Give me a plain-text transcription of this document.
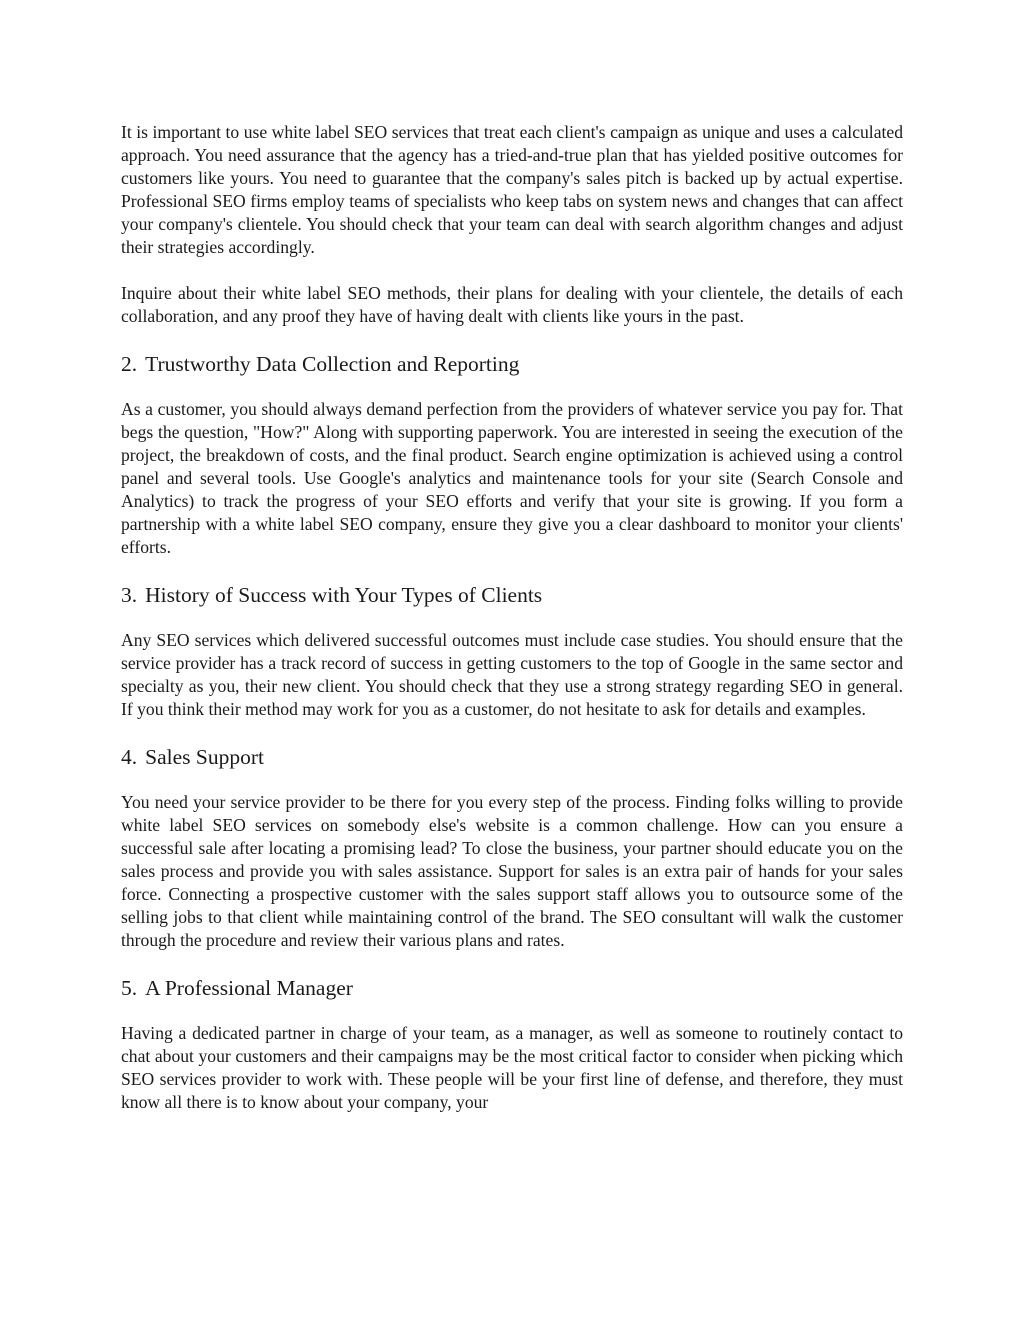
It is important to use white label SEO services that treat each client's campaign as unique and uses a calculated approach. You need assurance that the agency has a tried-and-true plan that has yielded positive outcomes for customers like yours. You need to guarantee that the company's sales pitch is backed up by actual expertise. Professional SEO firms employ teams of specialists who keep tabs on system news and changes that can affect your company's clientele. You should check that your team can deal with search algorithm changes and adjust their strategies accordingly.

Inquire about their white label SEO methods, their plans for dealing with your clientele, the details of each collaboration, and any proof they have of having dealt with clients like yours in the past.

2. Trustworthy Data Collection and Reporting

As a customer, you should always demand perfection from the providers of whatever service you pay for. That begs the question, "How?" Along with supporting paperwork. You are interested in seeing the execution of the project, the breakdown of costs, and the final product. Search engine optimization is achieved using a control panel and several tools. Use Google's analytics and maintenance tools for your site (Search Console and Analytics) to track the progress of your SEO efforts and verify that your site is growing. If you form a partnership with a white label SEO company, ensure they give you a clear dashboard to monitor your clients' efforts.

3. History of Success with Your Types of Clients

Any SEO services which delivered successful outcomes must include case studies. You should ensure that the service provider has a track record of success in getting customers to the top of Google in the same sector and specialty as you, their new client. You should check that they use a strong strategy regarding SEO in general. If you think their method may work for you as a customer, do not hesitate to ask for details and examples.

4. Sales Support

You need your service provider to be there for you every step of the process. Finding folks willing to provide white label SEO services on somebody else's website is a common challenge. How can you ensure a successful sale after locating a promising lead? To close the business, your partner should educate you on the sales process and provide you with sales assistance. Support for sales is an extra pair of hands for your sales force. Connecting a prospective customer with the sales support staff allows you to outsource some of the selling jobs to that client while maintaining control of the brand. The SEO consultant will walk the customer through the procedure and review their various plans and rates.

5. A Professional Manager

Having a dedicated partner in charge of your team, as a manager, as well as someone to routinely contact to chat about your customers and their campaigns may be the most critical factor to consider when picking which SEO services provider to work with. These people will be your first line of defense, and therefore, they must know all there is to know about your company, your
